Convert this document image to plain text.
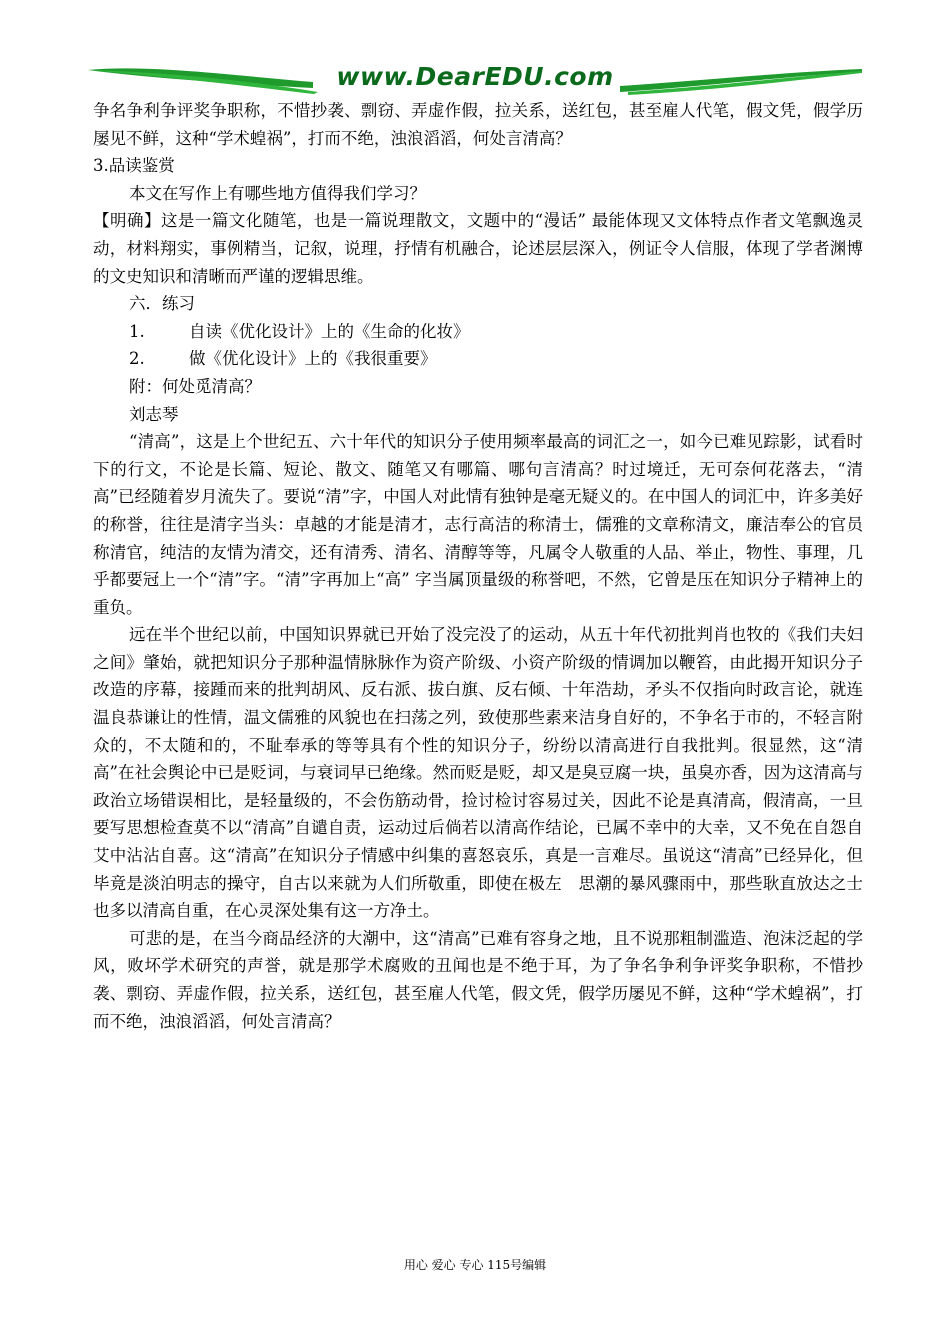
www.DearEDU.com

争名争利争评奖争职称，不惜抄袭、剽窃、弄虚作假，拉关系，送红包，甚至雇人代笔，假文凭，假学历屡见不鲜，这种“学术蝗祸”，打而不绝，浊浪滔滔，何处言清高？

3.品读鉴赏

本文在写作上有哪些地方值得我们学习？

【明确】这是一篇文化随笔，也是一篇说理散文，文题中的“漫话” 最能体现又文体特点作者文笔飘逸灵动，材料翔实，事例精当，记叙，说理，抒情有机融合，论述层层深入，例证令人信服，体现了学者渊博的文史知识和清晰而严谨的逻辑思维。

六．练习

1.	自读《优化设计》上的《生命的化妆》
2.	做《优化设计》上的《我很重要》

附：何处觅清高？

刘志琴

“清高”，这是上个世纪五、六十年代的知识分子使用频率最高的词汇之一，如今已难见踪影，试看时下的行文，不论是长篇、短论、散文、随笔又有哪篇、哪句言清高？时过境迁，无可奈何花落去，“清高”已经随着岁月流失了。要说“清”字，中国人对此情有独钟是毫无疑义的。在中国人的词汇中，许多美好的称誉，往往是清字当头：卓越的才能是清才，志行高洁的称清士，儒雅的文章称清文，廉洁奉公的官员称清官，纯洁的友情为清交，还有清秀、清名、清醇等等，凡属令人敬重的人品、举止，物性、事理，几乎都要冠上一个“清”字。“清”字再加上“高” 字当属顶量级的称誉吧，不然，它曾是压在知识分子精神上的重负。

远在半个世纪以前，中国知识界就已开始了没完没了的运动，从五十年代初批判肖也牧的《我们夫妇之间》肇始，就把知识分子那种温情脉脉作为资产阶级、小资产阶级的情调加以鞭笞，由此揭开知识分子改造的序幕，接踵而来的批判胡风、反右派、拔白旗、反右倾、十年浩劫，矛头不仅指向时政言论，就连温良恭谦让的性情，温文儒雅的风貌也在扫荡之列，致使那些素来洁身自好的，不争名于市的，不轻言附众的，不太随和的，不耻奉承的等等具有个性的知识分子，纷纷以清高进行自我批判。很显然，这“清高”在社会舆论中已是贬词，与衰词早已绝缘。然而贬是贬，却又是臭豆腐一块，虽臭亦香，因为这清高与政治立场错误相比，是轻量级的，不会伤筋动骨，捡讨检讨容易过关，因此不论是真清高，假清高，一旦要写思想检查莫不以“清高”自谴自责，运动过后倘若以清高作结论，已属不幸中的大幸，又不免在自怨自艾中沾沾自喜。这“清高”在知识分子情感中纠集的喜怒哀乐，真是一言难尽。虽说这“清高”已经异化，但毕竟是淡泊明志的操守，自古以来就为人们所敬重，即使在极左　思潮的暴风骤雨中，那些耿直放达之士也多以清高自重，在心灵深处集有这一方净土。

可悲的是，在当今商品经济的大潮中，这“清高”已难有容身之地，且不说那粗制滥造、泡沫泛起的学风，败坏学术研究的声誉，就是那学术腐败的丑闻也是不绝于耳，为了争名争利争评奖争职称，不惜抄袭、剽窃、弄虚作假，拉关系，送红包，甚至雇人代笔，假文凭，假学历屡见不鲜，这种“学术蝗祸”，打而不绝，浊浪滔滔，何处言清高？

用心 爱心 专心 115号编辑
